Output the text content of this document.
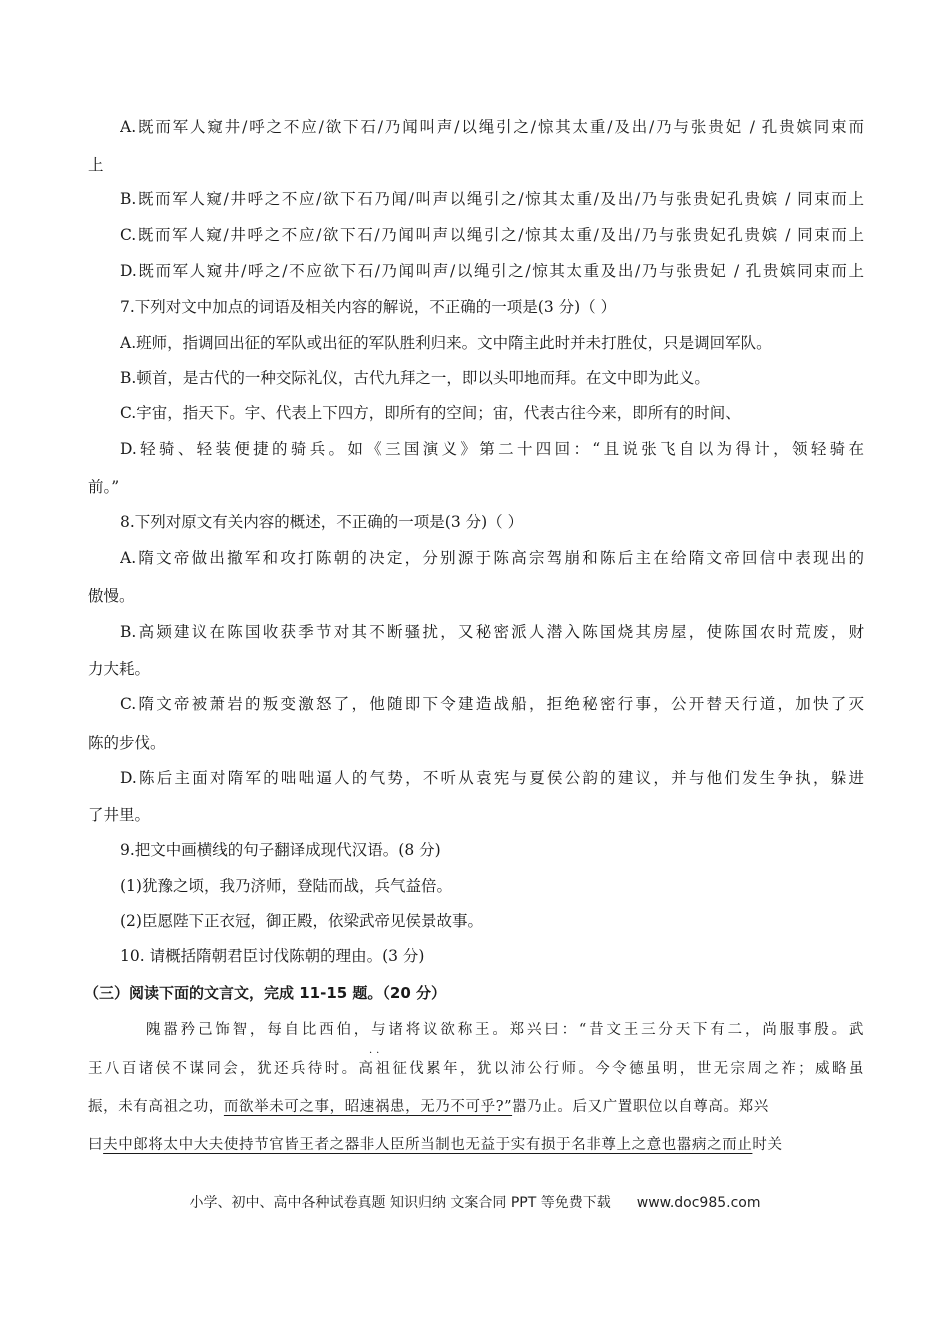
A.既而军人窥井/呼之不应/欲下石/乃闻叫声/以绳引之/惊其太重/及出/乃与张贵妃 / 孔贵嫔同束而
上
B.既而军人窥/井呼之不应/欲下石乃闻/叫声以绳引之/惊其太重/及出/乃与张贵妃孔贵嫔 / 同束而上
C.既而军人窥/井呼之不应/欲下石/乃闻叫声以绳引之/惊其太重/及出/乃与张贵妃孔贵嫔 / 同束而上
D.既而军人窥井/呼之/不应欲下石/乃闻叫声/以绳引之/惊其太重及出/乃与张贵妃 / 孔贵嫔同束而上
7.下列对文中加点的词语及相关内容的解说，不正确的一项是(3 分)（ ）
A.班师，指调回出征的军队或出征的军队胜利归来。文中隋主此时并未打胜仗，只是调回军队。
B.顿首，是古代的一种交际礼仪，古代九拜之一，即以头叩地而拜。在文中即为此义。
C.宇宙，指天下。宇、代表上下四方，即所有的空间；宙，代表古往今来，即所有的时间、
D.轻骑、轻装便捷的骑兵。如《三国演义》第二十四回：“且说张飞自以为得计，领轻骑在
前。”
8.下列对原文有关内容的概述，不正确的一项是(3 分)（ ）
A.隋文帝做出撤军和攻打陈朝的决定，分别源于陈高宗驾崩和陈后主在给隋文帝回信中表现出的
傲慢。
B.高颎建议在陈国收获季节对其不断骚扰，又秘密派人潜入陈国烧其房屋，使陈国农时荒废，财
力大耗。
C.隋文帝被萧岩的叛变激怒了，他随即下令建造战船，拒绝秘密行事，公开替天行道，加快了灭
陈的步伐。
D.陈后主面对隋军的咄咄逼人的气势，不听从袁宪与夏侯公韵的建议，并与他们发生争执，躲进
了井里。
9.把文中画横线的句子翻译成现代汉语。(8 分)
(1)犹豫之顷，我乃济师，登陆而战，兵气益倍。
(2)臣愿陛下正衣冠，御正殿，依梁武帝见侯景故事。
10. 请概括隋朝君臣讨伐陈朝的理由。(3 分)
（三）阅读下面的文言文，完成 11-15 题。（20 分）
隗嚣矜己饰智，每自比西伯，与诸将议欲称王。郑兴曰：“昔文王三分天下有二，尚服事殷。武
··
王八百诸侯不谋同会，犹还兵待时。高祖征伐累年，犹以沛公行师。今令德虽明，世无宗周之祚；威略虽
振，未有高祖之功，而欲举未可之事，昭速祸患，无乃不可乎?”嚣乃止。后又广置职位以自尊高。郑兴
曰夫中郎将太中大夫使持节官皆王者之器非人臣所当制也无益于实有损于名非尊上之意也嚣病之而止时关
小学、初中、高中各种试卷真题 知识归纳 文案合同 PPT 等免费下载 www.doc985.com
